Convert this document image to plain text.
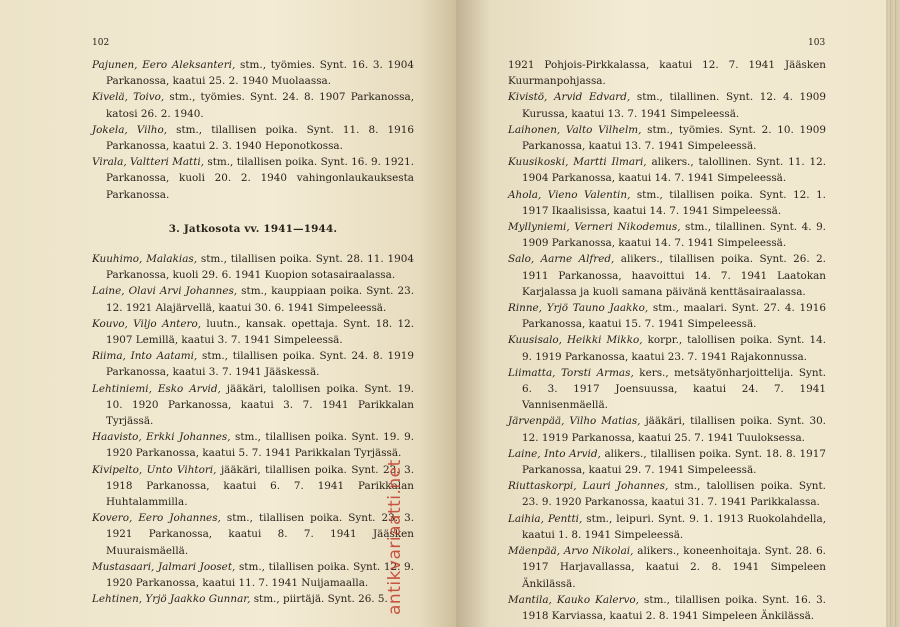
102

Pajunen, Eero Aleksanteri, stm., työmies. Synt. 16. 3. 1904 Parkanossa, kaatui 25. 2. 1940 Muolaassa.

Kivelä, Toivo, stm., työmies. Synt. 24. 8. 1907 Parkanossa, katosi 26. 2. 1940.

Jokela, Vilho, stm., tilallisen poika. Synt. 11. 8. 1916 Parkanossa, kaatui 2. 3. 1940 Heponotkossa.

Virala, Valtteri Matti, stm., tilallisen poika. Synt. 16. 9. 1921. Parkanossa, kuoli 20. 2. 1940 vahingonlaukauksesta Parkanossa.

3. Jatkosota vv. 1941—1944.

Kuuhimo, Malakias, stm., tilallisen poika. Synt. 28. 11. 1904 Parkanossa, kuoli 29. 6. 1941 Kuopion sotasairaalassa.

Laine, Olavi Arvi Johannes, stm., kauppiaan poika. Synt. 23. 12. 1921 Alajärvellä, kaatui 30. 6. 1941 Simpeleessä.

Kouvo, Viljo Antero, luutn., kansak. opettaja. Synt. 18. 12. 1907 Lemillä, kaatui 3. 7. 1941 Simpeleessä.

Riima, Into Aatami, stm., tilallisen poika. Synt. 24. 8. 1919 Parkanossa, kaatui 3. 7. 1941 Jääskessä.

Lehtiniemi, Esko Arvid, jääkäri, talollisen poika. Synt. 19. 10. 1920 Parkanossa, kaatui 3. 7. 1941 Parikkalan Tyrjässä.

Haavisto, Erkki Johannes, stm., tilallisen poika. Synt. 19. 9. 1920 Parkanossa, kaatui 5. 7. 1941 Parikkalan Tyrjässä.

Kivipelto, Unto Vihtori, jääkäri, tilallisen poika. Synt. 23. 3. 1918 Parkanossa, kaatui 6. 7. 1941 Parikkalan Huhtalammilla.

Kovero, Eero Johannes, stm., tilallisen poika. Synt. 23. 3. 1921 Parkanossa, kaatui 8. 7. 1941 Jääsken Muuraismäellä.

Mustasaari, Jalmari Jooset, stm., tilallisen poika. Synt. 12. 9. 1920 Parkanossa, kaatui 11. 7. 1941 Nuijamaalla.

Lehtinen, Yrjö Jaakko Gunnar, stm., piirtäjä. Synt. 26. 5.

antikvariaatti.net
103

1921 Pohjois-Pirkkalassa, kaatui 12. 7. 1941 Jääsken Kuurmanpohjassa.

Kivistö, Arvid Edvard, stm., tilallinen. Synt. 12. 4. 1909 Kurussa, kaatui 13. 7. 1941 Simpeleessä.

Laihonen, Valto Vilhelm, stm., työmies. Synt. 2. 10. 1909 Parkanossa, kaatui 13. 7. 1941 Simpeleessä.

Kuusikoski, Martti Ilmari, alikers., talollinen. Synt. 11. 12. 1904 Parkanossa, kaatui 14. 7. 1941 Simpeleessä.

Ahola, Vieno Valentin, stm., tilallisen poika. Synt. 12. 1. 1917 Ikaalisissa, kaatui 14. 7. 1941 Simpeleessä.

Myllyniemi, Verneri Nikodemus, stm., tilallinen. Synt. 4. 9. 1909 Parkanossa, kaatui 14. 7. 1941 Simpeleessä.

Salo, Aarne Alfred, alikers., tilallisen poika. Synt. 26. 2. 1911 Parkanossa, haavoittui 14. 7. 1941 Laatokan Karjalassa ja kuoli samana päivänä kenttäsairaalassa.

Rinne, Yrjö Tauno Jaakko, stm., maalari. Synt. 27. 4. 1916 Parkanossa, kaatui 15. 7. 1941 Simpeleessä.

Kuusisalo, Heikki Mikko, korpr., talollisen poika. Synt. 14. 9. 1919 Parkanossa, kaatui 23. 7. 1941 Rajakonnussa.

Liimatta, Torsti Armas, kers., metsätyönharjoittelija. Synt. 6. 3. 1917 Joensuussa, kaatui 24. 7. 1941 Vannisenmäellä.

Järvenpää, Vilho Matias, jääkäri, tilallisen poika. Synt. 30. 12. 1919 Parkanossa, kaatui 25. 7. 1941 Tuuloksessa.

Laine, Into Arvid, alikers., tilallisen poika. Synt. 18. 8. 1917 Parkanossa, kaatui 29. 7. 1941 Simpeleessä.

Riuttaskorpi, Lauri Johannes, stm., talollisen poika. Synt. 23. 9. 1920 Parkanossa, kaatui 31. 7. 1941 Parikkalassa.

Laihia, Pentti, stm., leipuri. Synt. 9. 1. 1913 Ruokolahdella, kaatui 1. 8. 1941 Simpeleessä.

Mäenpää, Arvo Nikolai, alikers., koneenhoitaja. Synt. 28. 6. 1917 Harjavallassa, kaatui 2. 8. 1941 Simpeleen Änkilässä.

Mantila, Kauko Kalervo, stm., tilallisen poika. Synt. 16. 3. 1918 Karviassa, kaatui 2. 8. 1941 Simpeleen Änkilässä.
